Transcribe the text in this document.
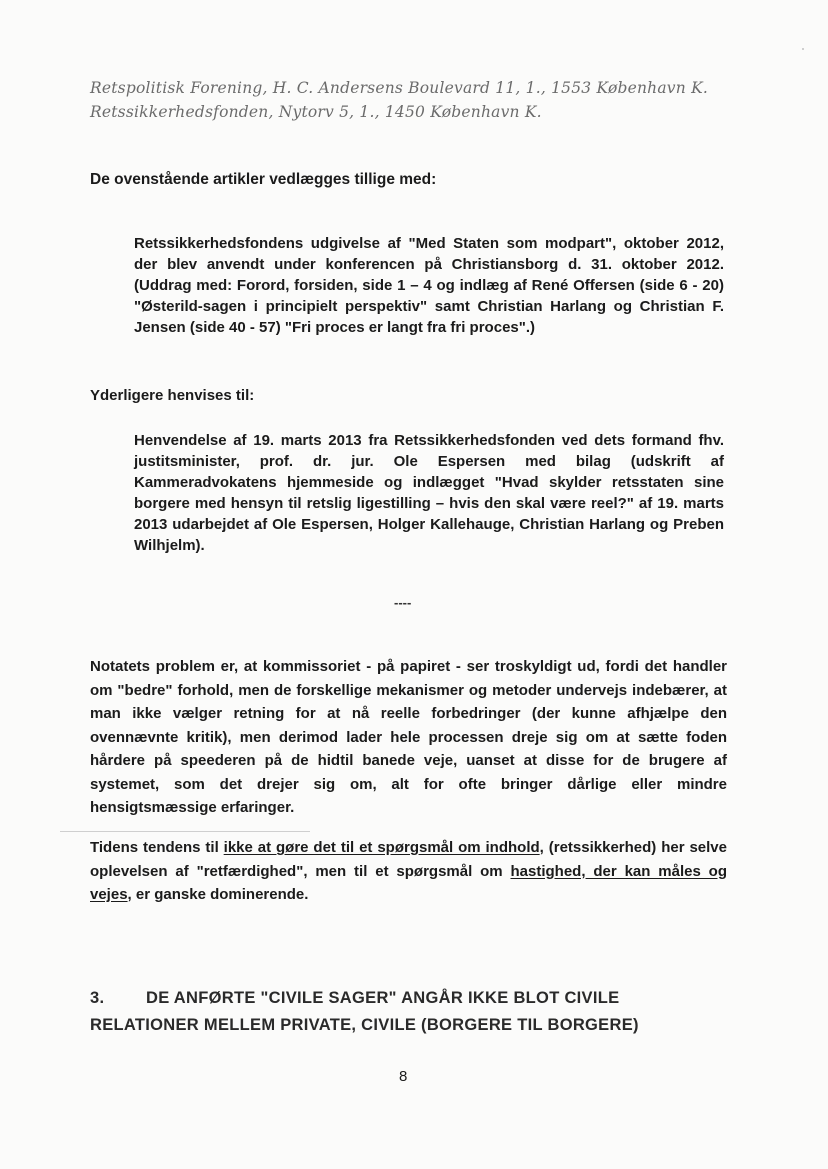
Retspolitisk Forening, H. C. Andersens Boulevard 11, 1., 1553 København K.
Retssikkerhedsfonden, Nytorv 5, 1., 1450 København K.
De ovenstående artikler vedlægges tillige med:
Retssikkerhedsfondens udgivelse af "Med Staten som modpart", oktober 2012, der blev anvendt under konferencen på Christiansborg d. 31. oktober 2012. (Uddrag med: Forord, forsiden, side 1 – 4 og indlæg af René Offersen (side 6 - 20) "Østerild-sagen i principielt perspektiv" samt Christian Harlang og Christian F. Jensen (side 40 - 57) "Fri proces er langt fra fri proces".)
Yderligere henvises til:
Henvendelse af 19. marts 2013 fra Retssikkerhedsfonden ved dets formand fhv. justitsminister, prof. dr. jur. Ole Espersen med bilag (udskrift af Kammeradvokatens hjemmeside og indlægget "Hvad skylder retsstaten sine borgere med hensyn til retslig ligestilling – hvis den skal være reel?" af 19. marts 2013 udarbejdet af Ole Espersen, Holger Kallehauge, Christian Harlang og Preben Wilhjelm).
----
Notatets problem er, at kommissoriet - på papiret - ser troskyldigt ud, fordi det handler om "bedre" forhold, men de forskellige mekanismer og metoder undervejs indebærer, at man ikke vælger retning for at nå reelle forbedringer (der kunne afhjælpe den ovennævnte kritik), men derimod lader hele processen dreje sig om at sætte foden hårdere på speederen på de hidtil banede veje, uanset at disse for de brugere af systemet, som det drejer sig om, alt for ofte bringer dårlige eller mindre hensigtsmæssige erfaringer.
Tidens tendens til ikke at gøre det til et spørgsmål om indhold, (retssikkerhed) her selve oplevelsen af "retfærdighed", men til et spørgsmål om hastighed, der kan måles og vejes, er ganske dominerende.
3.	DE ANFØRTE "CIVILE SAGER" ANGÅR IKKE BLOT CIVILE RELATIONER MELLEM PRIVATE, CIVILE (BORGERE TIL BORGERE)
8
